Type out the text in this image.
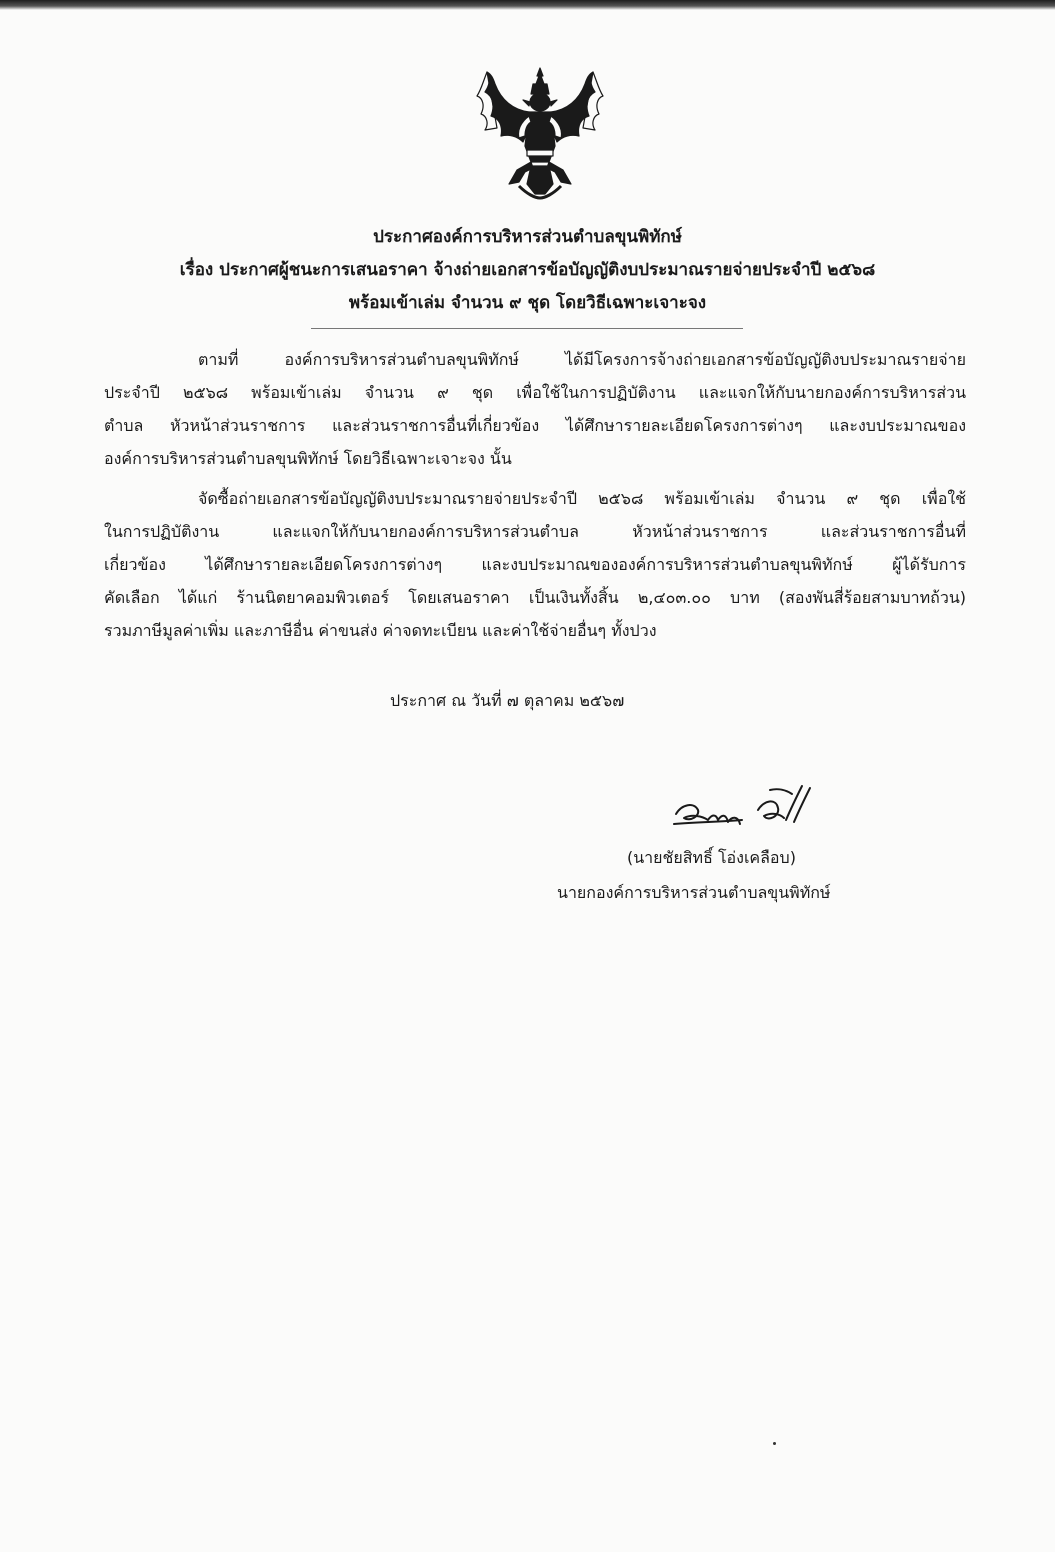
ประกาศองค์การบริหารส่วนตำบลขุนพิทักษ์
เรื่อง ประกาศผู้ชนะการเสนอราคา จ้างถ่ายเอกสารข้อบัญญัติงบประมาณรายจ่ายประจำปี ๒๕๖๘
พร้อมเข้าเล่ม จำนวน ๙ ชุด โดยวิธีเฉพาะเจาะจง
ตามที่ องค์การบริหารส่วนตำบลขุนพิทักษ์ ได้มีโครงการจ้างถ่ายเอกสารข้อบัญญัติงบประมาณรายจ่าย
ประจำปี ๒๕๖๘ พร้อมเข้าเล่ม จำนวน ๙ ชุด เพื่อใช้ในการปฏิบัติงาน และแจกให้กับนายกองค์การบริหารส่วน
ตำบล หัวหน้าส่วนราชการ และส่วนราชการอื่นที่เกี่ยวข้อง ได้ศึกษารายละเอียดโครงการต่างๆ และงบประมาณของ
องค์การบริหารส่วนตำบลขุนพิทักษ์ โดยวิธีเฉพาะเจาะจง นั้น
จัดซื้อถ่ายเอกสารข้อบัญญัติงบประมาณรายจ่ายประจำปี ๒๕๖๘ พร้อมเข้าเล่ม จำนวน ๙ ชุด เพื่อใช้
ในการปฏิบัติงาน และแจกให้กับนายกองค์การบริหารส่วนตำบล หัวหน้าส่วนราชการ และส่วนราชการอื่นที่
เกี่ยวข้อง ได้ศึกษารายละเอียดโครงการต่างๆ และงบประมาณขององค์การบริหารส่วนตำบลขุนพิทักษ์ ผู้ได้รับการ
คัดเลือก ได้แก่ ร้านนิตยาคอมพิวเตอร์ โดยเสนอราคา เป็นเงินทั้งสิ้น ๒,๔๐๓.๐๐ บาท (สองพันสี่ร้อยสามบาทถ้วน)
รวมภาษีมูลค่าเพิ่ม และภาษีอื่น ค่าขนส่ง ค่าจดทะเบียน และค่าใช้จ่ายอื่นๆ ทั้งปวง
ประกาศ ณ วันที่ ๗ ตุลาคม ๒๕๖๗
(นายชัยสิทธิ์ โอ่งเคลือบ)
นายกองค์การบริหารส่วนตำบลขุนพิทักษ์
